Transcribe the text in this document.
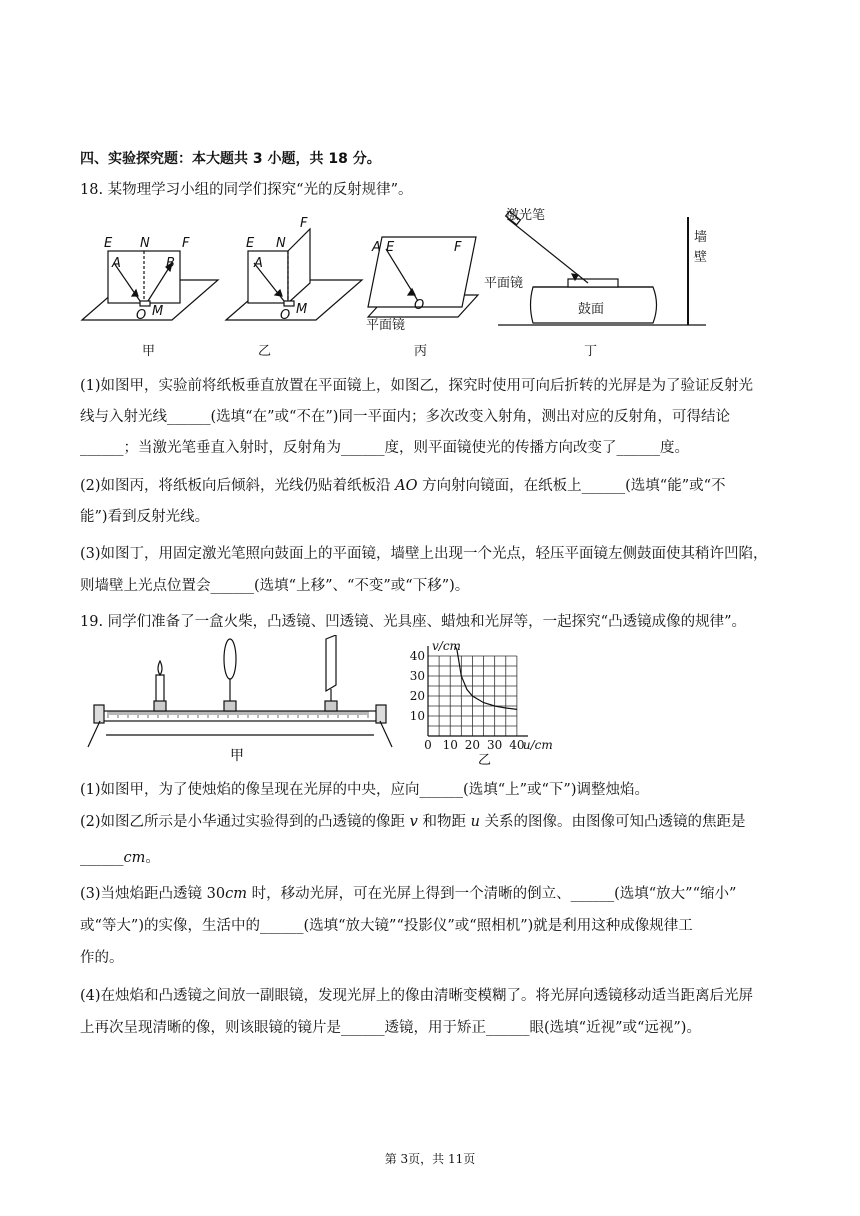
四、实验探究题：本大题共 3 小题，共 18 分。
18. 某物理学习小组的同学们探究“光的反射规律”。
E N F
A	B
O M
甲
E N
F
A
O M
乙
A E	F
O
平面镜
丙
激光笔
平面镜
鼓面
墙
壁
丁
(1)如图甲，实验前将纸板垂直放置在平面镜上，如图乙，探究时使用可向后折转的光屏是为了验证反射光
线与入射光线______(选填“在”或“不在”)同一平面内；多次改变入射角，测出对应的反射角，可得结论
______；当激光笔垂直入射时，反射角为______度，则平面镜使光的传播方向改变了______度。
(2)如图丙，将纸板向后倾斜，光线仍贴着纸板沿 AO 方向射向镜面，在纸板上______(选填“能”或“不
能”)看到反射光线。
(3)如图丁，用固定激光笔照向鼓面上的平面镜，墙壁上出现一个光点，轻压平面镜左侧鼓面使其稍许凹陷，
则墙壁上光点位置会______(选填“上移”、“不变”或“下移”)。
19. 同学们准备了一盒火柴，凸透镜、凹透镜、光具座、蜡烛和光屏等，一起探究“凸透镜成像的规律”。
甲
0 10 20 30 40
10
20
30
40
v/cm
u/cm
乙
(1)如图甲，为了使烛焰的像呈现在光屏的中央，应向______(选填“上”或“下”)调整烛焰。
(2)如图乙所示是小华通过实验得到的凸透镜的像距 v 和物距 u 关系的图像。由图像可知凸透镜的焦距是
______cm。
(3)当烛焰距凸透镜 30cm 时，移动光屏，可在光屏上得到一个清晰的倒立、______(选填“放大”“缩小”
或“等大”)的实像，生活中的______(选填“放大镜”“投影仪”或“照相机”)就是利用这种成像规律工
作的。
(4)在烛焰和凸透镜之间放一副眼镜，发现光屏上的像由清晰变模糊了。将光屏向透镜移动适当距离后光屏
上再次呈现清晰的像，则该眼镜的镜片是______透镜，用于矫正______眼(选填“近视”或“远视”)。
第 3页，共 11页
